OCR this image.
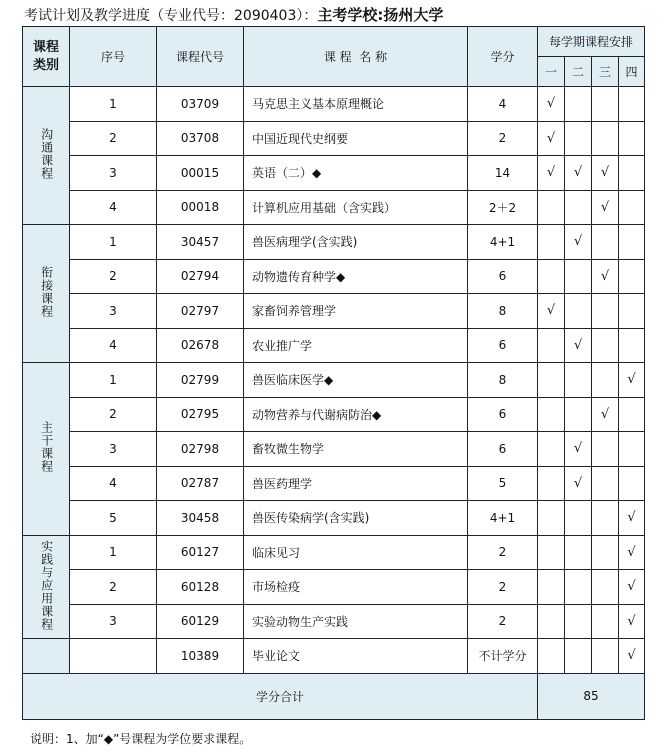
考试计划及教学进度（专业代号：2090403）：主考学校:扬州大学
课程
类别	序号	课程代号	课 程  名 称	学分	每学期课程安排			
					一	二	三	四
沟通课程	1	03709	马克思主义基本原理概论	4	√			
	2	03708	中国近现代史纲要	2	√			
	3	00015	英语（二）◆	14	√	√	√	
	4	00018	计算机应用基础（含实践）	2＋2			√	
衔接课程	1	30457	兽医病理学(含实践)	4+1		√		
	2	02794	动物遗传育种学◆	6			√	
	3	02797	家畜饲养管理学	8	√			
	4	02678	农业推广学	6		√		
主干课程	1	02799	兽医临床医学◆	8				√
	2	02795	动物营养与代谢病防治◆	6			√	
	3	02798	畜牧微生物学	6		√		
	4	02787	兽医药理学	5		√		
	5	30458	兽医传染病学(含实践)	4+1				√
实践与应用课程	1	60127	临床见习	2				√
	2	60128	市场检疫	2				√
	3	60129	实验动物生产实践	2				√
		10389	毕业论文	不计学分				√
学分合计					85			
说明：1、加“◆”号课程为学位要求课程。
